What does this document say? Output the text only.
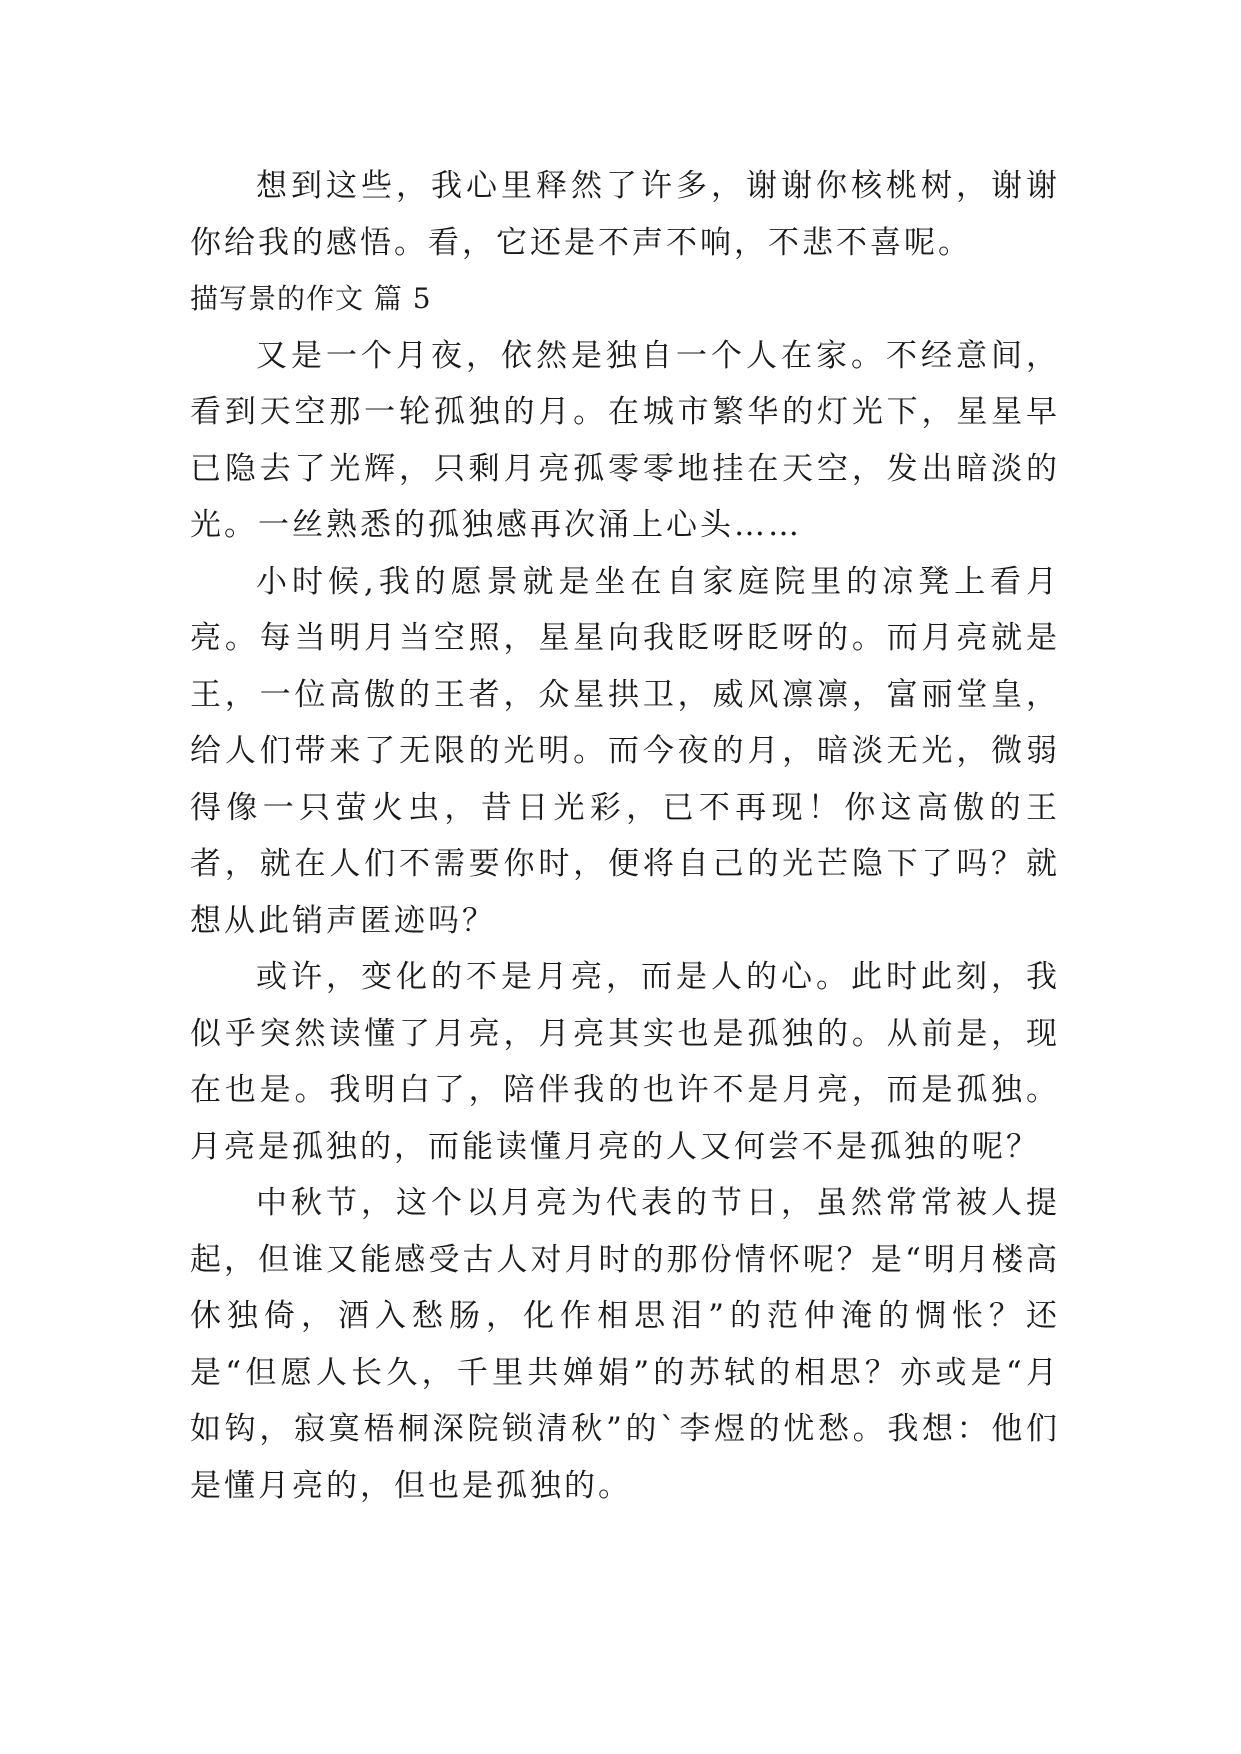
想到这些，我心里释然了许多，谢谢你核桃树，谢谢你给我的感悟。看，它还是不声不响，不悲不喜呢。

描写景的作文 篇 5

又是一个月夜，依然是独自一个人在家。不经意间，看到天空那一轮孤独的月。在城市繁华的灯光下，星星早已隐去了光辉，只剩月亮孤零零地挂在天空，发出暗淡的光。一丝熟悉的孤独感再次涌上心头……

小时候,我的愿景就是坐在自家庭院里的凉凳上看月亮。每当明月当空照，星星向我眨呀眨呀的。而月亮就是王，一位高傲的王者，众星拱卫，威风凛凛，富丽堂皇，给人们带来了无限的光明。而今夜的月，暗淡无光，微弱得像一只萤火虫，昔日光彩，已不再现！你这高傲的王者，就在人们不需要你时，便将自己的光芒隐下了吗？就想从此销声匿迹吗？

或许，变化的不是月亮，而是人的心。此时此刻，我似乎突然读懂了月亮，月亮其实也是孤独的。从前是，现在也是。我明白了，陪伴我的也许不是月亮，而是孤独。月亮是孤独的，而能读懂月亮的人又何尝不是孤独的呢？

中秋节，这个以月亮为代表的节日，虽然常常被人提起，但谁又能感受古人对月时的那份情怀呢？是“明月楼高休独倚，酒入愁肠，化作相思泪”的范仲淹的惆怅？还是“但愿人长久，千里共婵娟”的苏轼的相思？亦或是“月如钩，寂寞梧桐深院锁清秋”的`李煜的忧愁。我想：他们是懂月亮的，但也是孤独的。
